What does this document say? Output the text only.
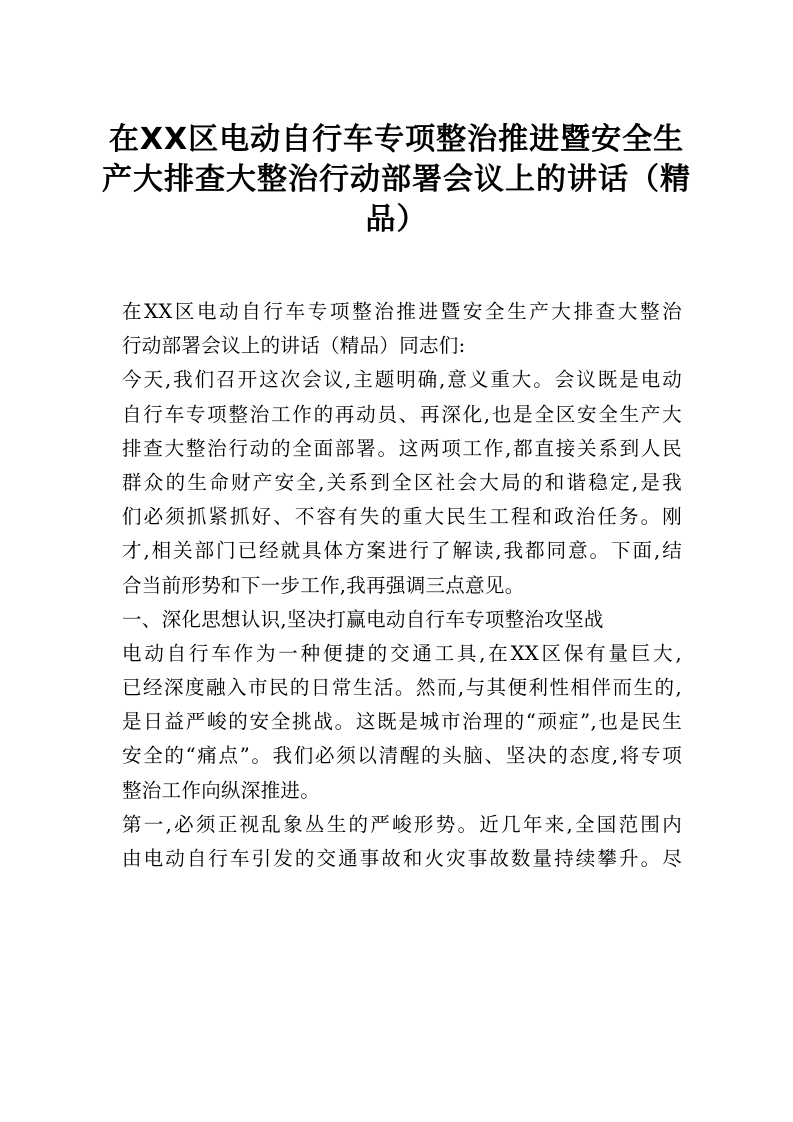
在XX区电动自行车专项整治推进暨安全生
产大排查大整治行动部署会议上的讲话（精
品）
在XX区电动自行车专项整治推进暨安全生产大排查大整治
行动部署会议上的讲话（精品）同志们:
今天,我们召开这次会议,主题明确,意义重大。会议既是电动
自行车专项整治工作的再动员、再深化,也是全区安全生产大
排查大整治行动的全面部署。这两项工作,都直接关系到人民
群众的生命财产安全,关系到全区社会大局的和谐稳定,是我
们必须抓紧抓好、不容有失的重大民生工程和政治任务。刚
才,相关部门已经就具体方案进行了解读,我都同意。下面,结
合当前形势和下一步工作,我再强调三点意见。
一、深化思想认识,坚决打赢电动自行车专项整治攻坚战
电动自行车作为一种便捷的交通工具,在XX区保有量巨大,
已经深度融入市民的日常生活。然而,与其便利性相伴而生的,
是日益严峻的安全挑战。这既是城市治理的“顽症”,也是民生
安全的“痛点”。我们必须以清醒的头脑、坚决的态度,将专项
整治工作向纵深推进。
第一,必须正视乱象丛生的严峻形势。近几年来,全国范围内
由电动自行车引发的交通事故和火灾事故数量持续攀升。尽
